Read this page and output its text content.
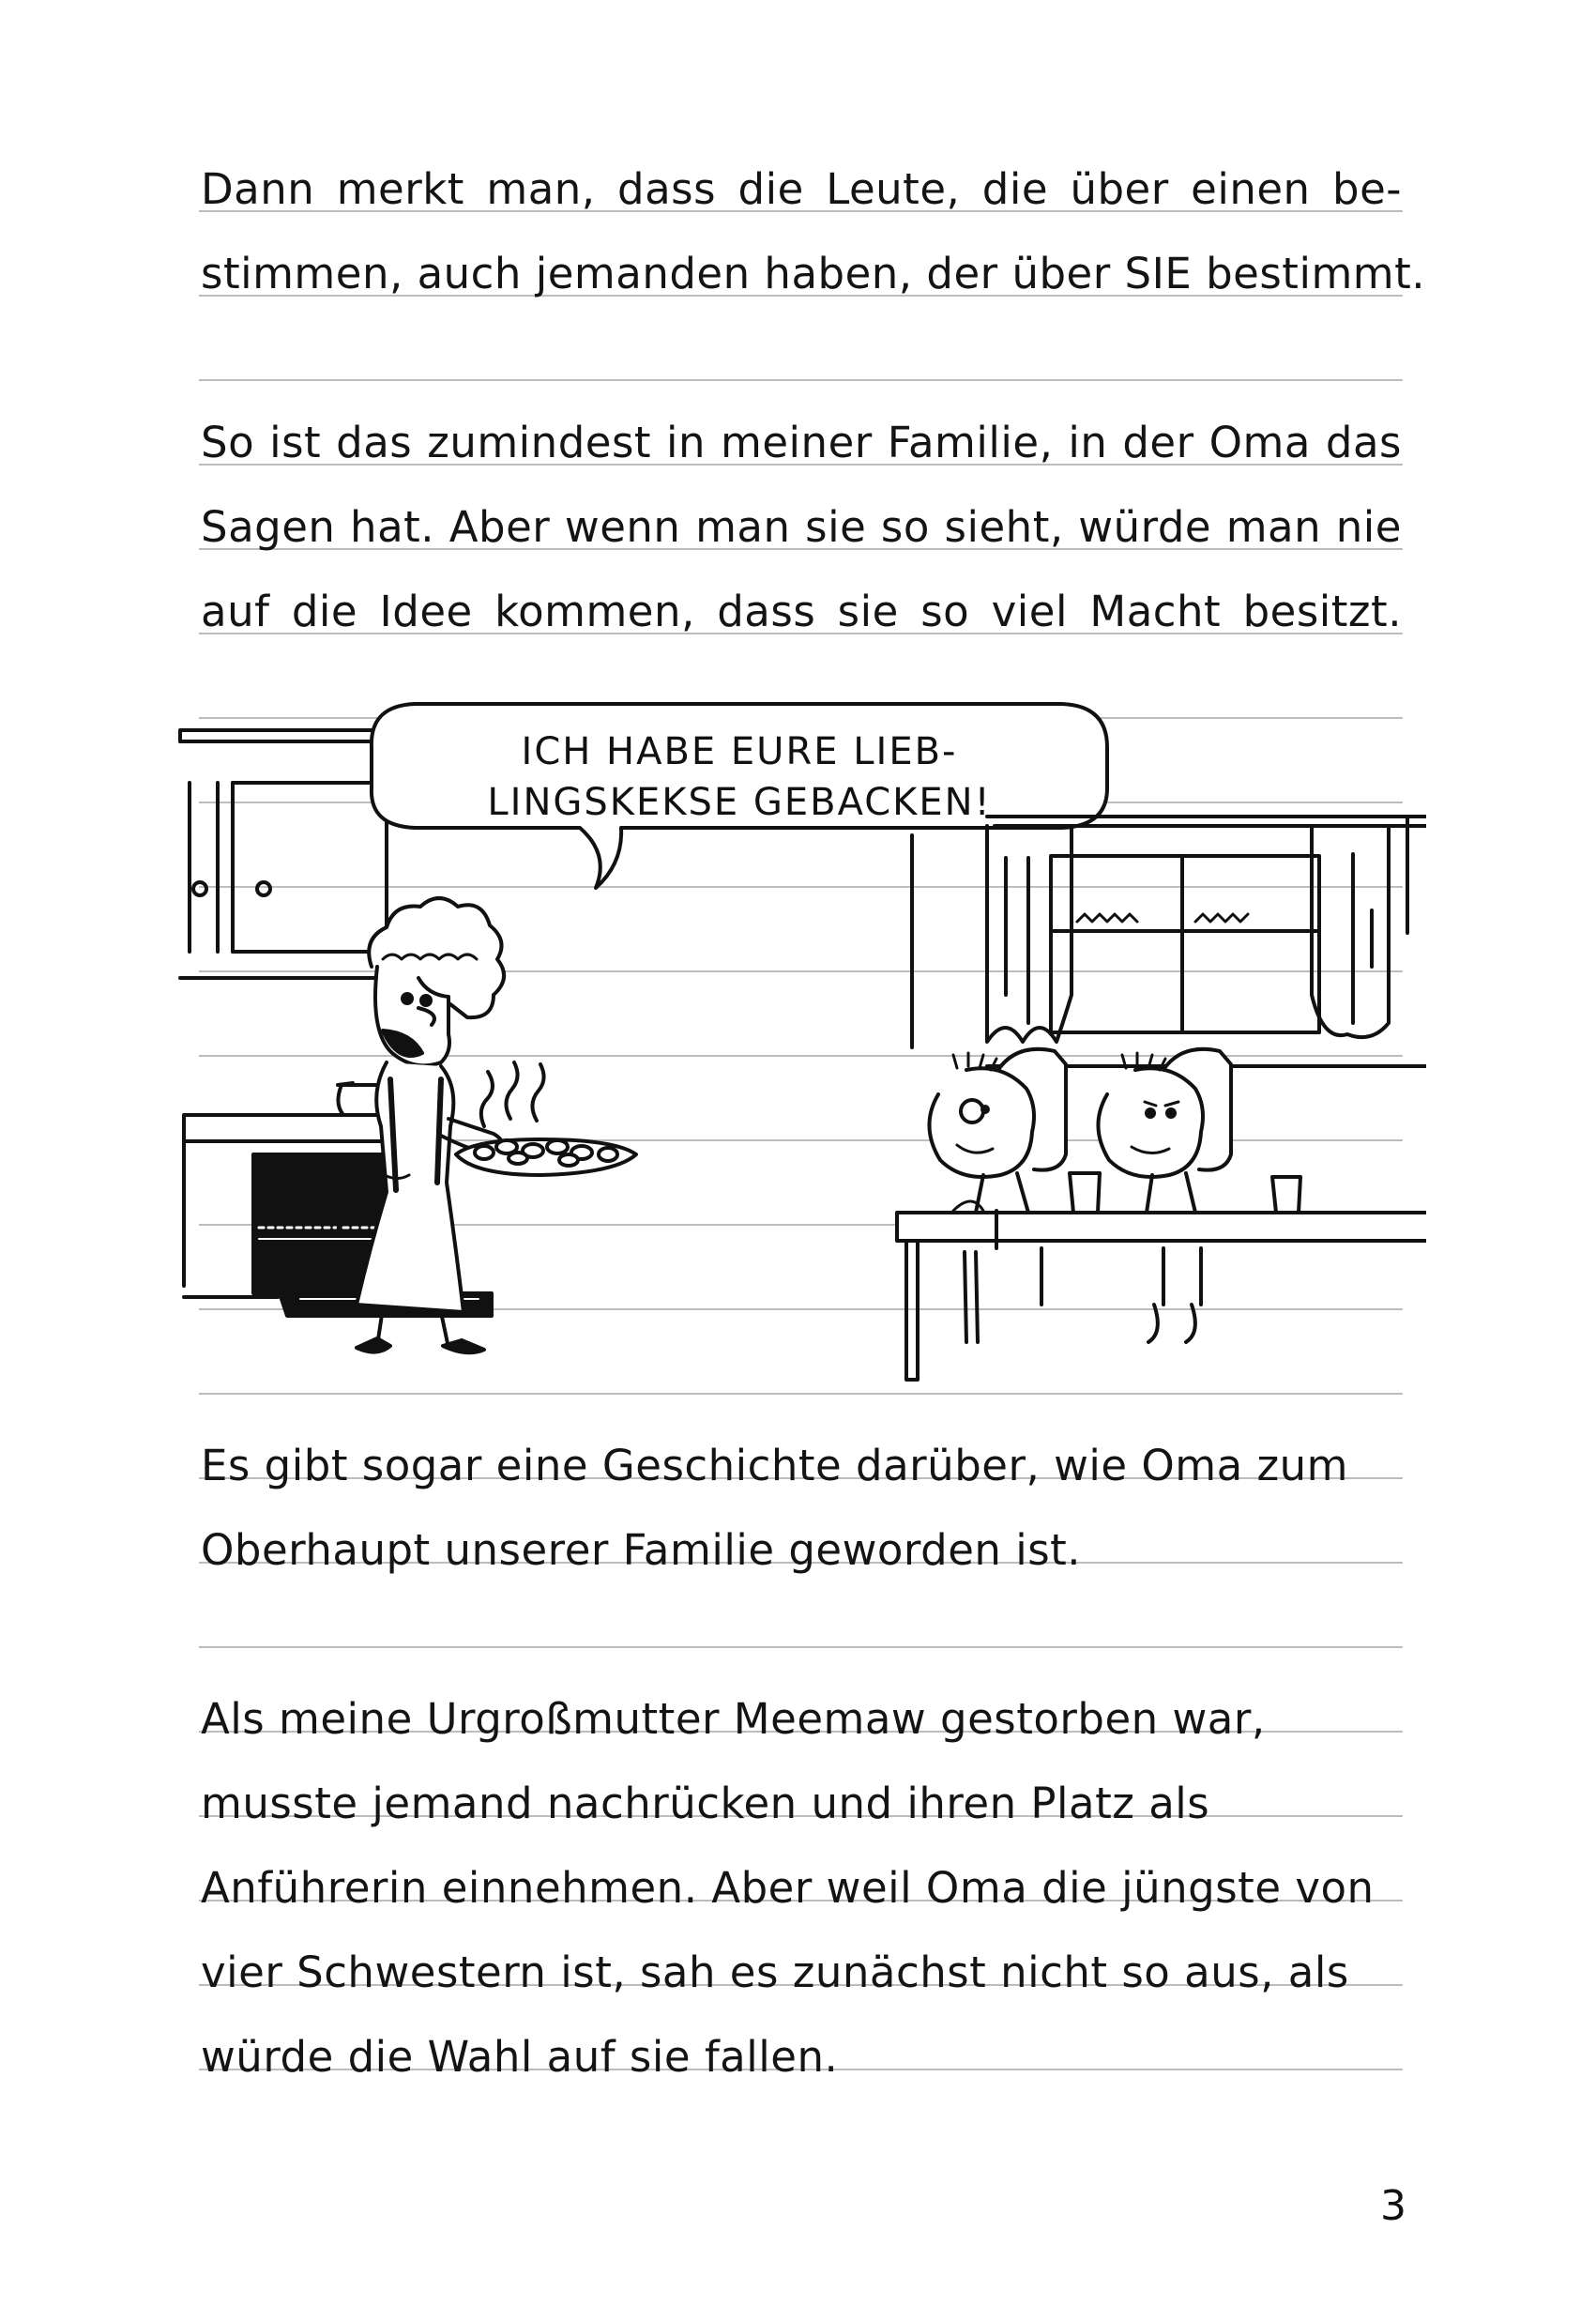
Dann merkt man, dass die Leute, die über einen be-
stimmen, auch jemanden haben, der über SIE bestimmt.
So ist das zumindest in meiner Familie, in der Oma das
Sagen hat. Aber wenn man sie so sieht, würde man nie
auf die Idee kommen, dass sie so viel Macht besitzt.
ICH HABE EURE LIEB-
LINGSKEKSE GEBACKEN!
Es gibt sogar eine Geschichte darüber, wie Oma zum
Oberhaupt unserer Familie geworden ist.
Als meine Urgroßmutter Meemaw gestorben war,
musste jemand nachrücken und ihren Platz als
Anführerin einnehmen. Aber weil Oma die jüngste von
vier Schwestern ist, sah es zunächst nicht so aus, als
würde die Wahl auf sie fallen.
3
